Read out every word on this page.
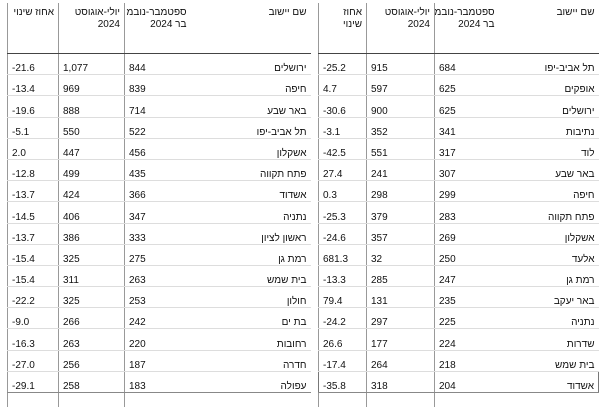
שם יישוב	ספטמבר-נובמ בר 2024	יולי-אוגוסט 2024	אחוז שינוי
ירושלים	844	1,077	-21.6
חיפה	839	969	-13.4
באר שבע	714	888	-19.6
תל אביב-יפו	522	550	-5.1
אשקלון	456	447	2.0
פתח תקווה	435	499	-12.8
אשדוד	366	424	-13.7
נתניה	347	406	-14.5
ראשון לציון	333	386	-13.7
רמת גן	275	325	-15.4
בית שמש	263	311	-15.4
חולון	253	325	-22.2
בת ים	242	266	-9.0
רחובות	220	263	-16.3
חדרה	187	256	-27.0
עפולה	183	258	-29.1

שם יישוב	ספטמבר-נובמ בר 2024	יולי-אוגוסט 2024	אחוז שינוי
תל אביב-יפו	684	915	-25.2
אופקים	625	597	4.7
ירושלים	625	900	-30.6
נתיבות	341	352	-3.1
לוד	317	551	-42.5
באר שבע	307	241	27.4
חיפה	299	298	0.3
פתח תקווה	283	379	-25.3
אשקלון	269	357	-24.6
אלעד	250	32	681.3
רמת גן	247	285	-13.3
באר יעקב	235	131	79.4
נתניה	225	297	-24.2
שדרות	224	177	26.6
בית שמש	218	264	-17.4
אשדוד	204	318	-35.8
